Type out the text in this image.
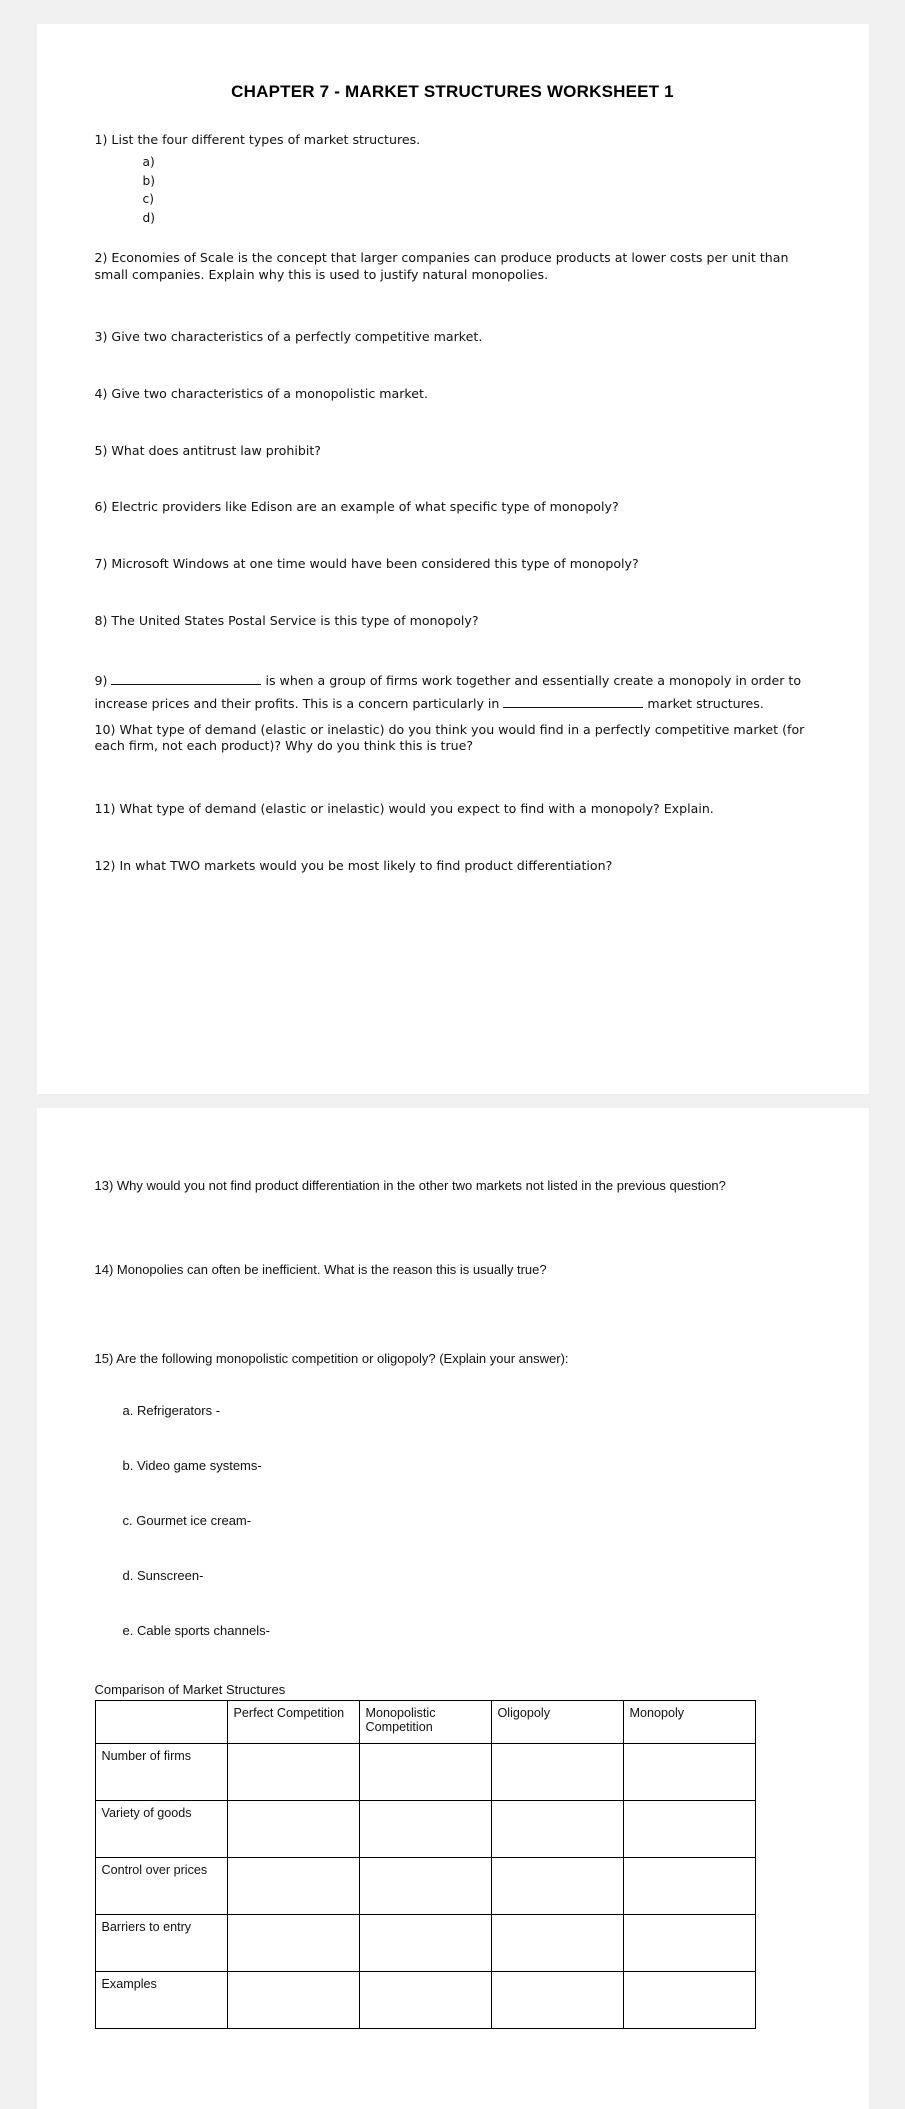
CHAPTER 7 - MARKET STRUCTURES WORKSHEET 1

1) List the four different types of market structures.

a)
b)
c)
d)

2) Economies of Scale is the concept that larger companies can produce products at lower costs per unit than small companies. Explain why this is used to justify natural monopolies.

3) Give two characteristics of a perfectly competitive market.

4) Give two characteristics of a monopolistic market.

5) What does antitrust law prohibit?

6) Electric providers like Edison are an example of what specific type of monopoly?

7) Microsoft Windows at one time would have been considered this type of monopoly?

8) The United States Postal Service is this type of monopoly?

9)	is when a group of firms work together and essentially create a monopoly in order to increase prices and their profits. This is a concern particularly in	market structures.

10) What type of demand (elastic or inelastic) do you think you would find in a perfectly competitive market (for each firm, not each product)? Why do you think this is true?

11) What type of demand (elastic or inelastic) would you expect to find with a monopoly? Explain.

12) In what TWO markets would you be most likely to find product differentiation?

13) Why would you not find product differentiation in the other two markets not listed in the previous question?

14) Monopolies can often be inefficient. What is the reason this is usually true?

15) Are the following monopolistic competition or oligopoly? (Explain your answer):

a. Refrigerators -
b. Video game systems-
c. Gourmet ice cream-
d. Sunscreen-
e. Cable sports channels-

Comparison of Market Structures

	Perfect Competition	Monopolistic Competition	Oligopoly	Monopoly
Number of firms				
Variety of goods				
Control over prices				
Barriers to entry				
Examples				
